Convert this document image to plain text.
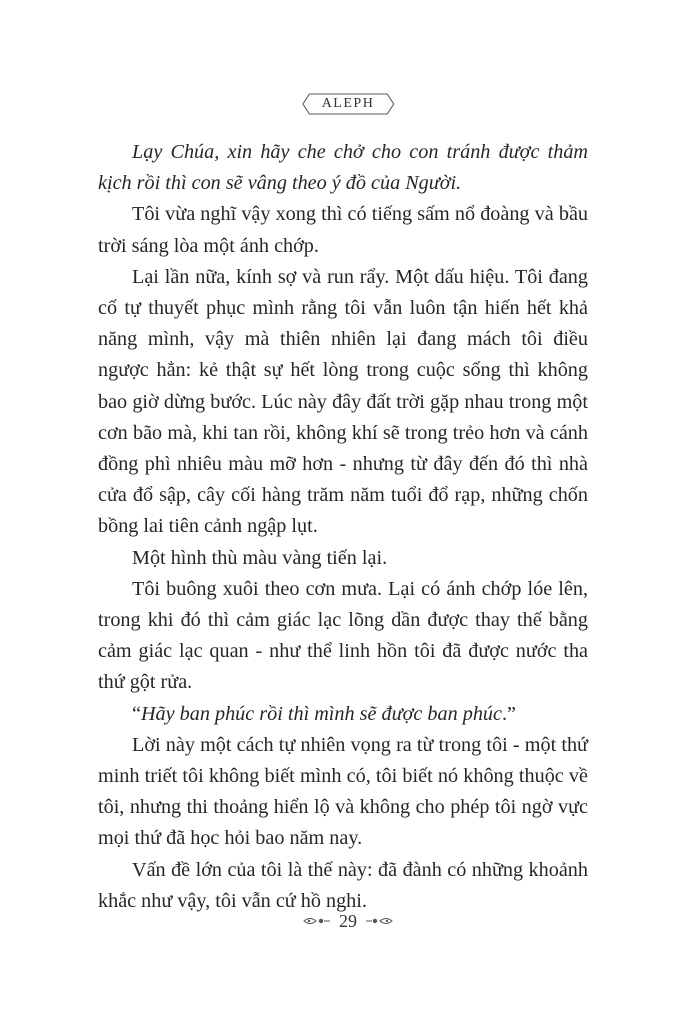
ALEPH

Lạy Chúa, xin hãy che chở cho con tránh được thảm kịch rồi thì con sẽ vâng theo ý đồ của Người.

Tôi vừa nghĩ vậy xong thì có tiếng sấm nổ đoàng và bầu trời sáng lòa một ánh chớp.

Lại lần nữa, kính sợ và run rẩy. Một dấu hiệu. Tôi đang cố tự thuyết phục mình rằng tôi vẫn luôn tận hiến hết khả năng mình, vậy mà thiên nhiên lại đang mách tôi điều ngược hẳn: kẻ thật sự hết lòng trong cuộc sống thì không bao giờ dừng bước. Lúc này đây đất trời gặp nhau trong một cơn bão mà, khi tan rồi, không khí sẽ trong trẻo hơn và cánh đồng phì nhiêu màu mỡ hơn - nhưng từ đây đến đó thì nhà cửa đổ sập, cây cối hàng trăm năm tuổi đổ rạp, những chốn bồng lai tiên cảnh ngập lụt.

Một hình thù màu vàng tiến lại.

Tôi buông xuôi theo cơn mưa. Lại có ánh chớp lóe lên, trong khi đó thì cảm giác lạc lõng dần được thay thế bằng cảm giác lạc quan - như thể linh hồn tôi đã được nước tha thứ gột rửa.

“Hãy ban phúc rồi thì mình sẽ được ban phúc.”

Lời này một cách tự nhiên vọng ra từ trong tôi - một thứ minh triết tôi không biết mình có, tôi biết nó không thuộc về tôi, nhưng thi thoảng hiển lộ và không cho phép tôi ngờ vực mọi thứ đã học hỏi bao năm nay.

Vấn đề lớn của tôi là thế này: đã đành có những khoảnh khắc như vậy, tôi vẫn cứ hồ nghi.

29
